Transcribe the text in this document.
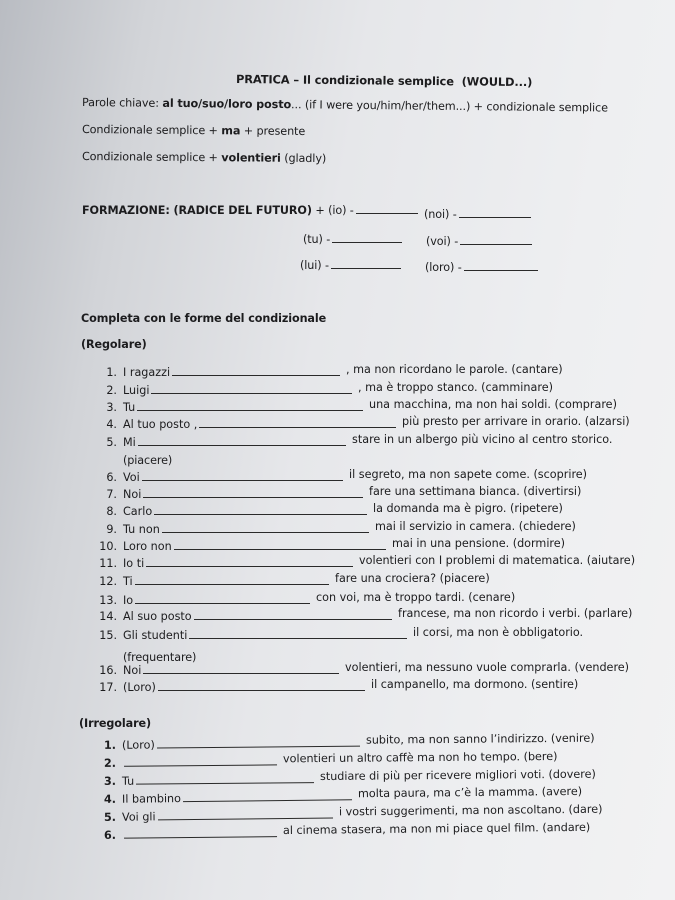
PRATICA – Il condizionale semplice (WOULD...)
Parole chiave: al tuo/suo/loro posto... (if I were you/him/her/them...) + condizionale semplice
Condizionale semplice + ma + presente
Condizionale semplice + volentieri (gladly)
FORMAZIONE: (RADICE DEL FUTURO) + (io) -	(noi) -
(tu) -	(voi) -
(lui) -	(loro) -
Completa con le forme del condizionale
(Regolare)
1. I ragazzi	, ma non ricordano le parole. (cantare)
2. Luigi	, ma è troppo stanco. (camminare)
3. Tu	una macchina, ma non hai soldi. (comprare)
4. Al tuo posto ,	più presto per arrivare in orario. (alzarsi)
5. Mi	stare in un albergo più vicino al centro storico.
(piacere)
6. Voi	il segreto, ma non sapete come. (scoprire)
7. Noi	fare una settimana bianca. (divertirsi)
8. Carlo	la domanda ma è pigro. (ripetere)
9. Tu non	mai il servizio in camera. (chiedere)
10. Loro non	mai in una pensione. (dormire)
11. Io ti	volentieri con I problemi di matematica. (aiutare)
12. Ti	fare una crociera? (piacere)
13. Io	con voi, ma è troppo tardi. (cenare)
14. Al suo posto	francese, ma non ricordo i verbi. (parlare)
15. Gli studenti	il corsi, ma non è obbligatorio.
(frequentare)
16. Noi	volentieri, ma nessuno vuole comprarla. (vendere)
17. (Loro)	il campanello, ma dormono. (sentire)
(Irregolare)
1. (Loro)	subito, ma non sanno l’indirizzo. (venire)
2.	volentieri un altro caffè ma non ho tempo. (bere)
3. Tu	studiare di più per ricevere migliori voti. (dovere)
4. Il bambino	molta paura, ma c’è la mamma. (avere)
5. Voi gli	i vostri suggerimenti, ma non ascoltano. (dare)
6.	al cinema stasera, ma non mi piace quel film. (andare)
